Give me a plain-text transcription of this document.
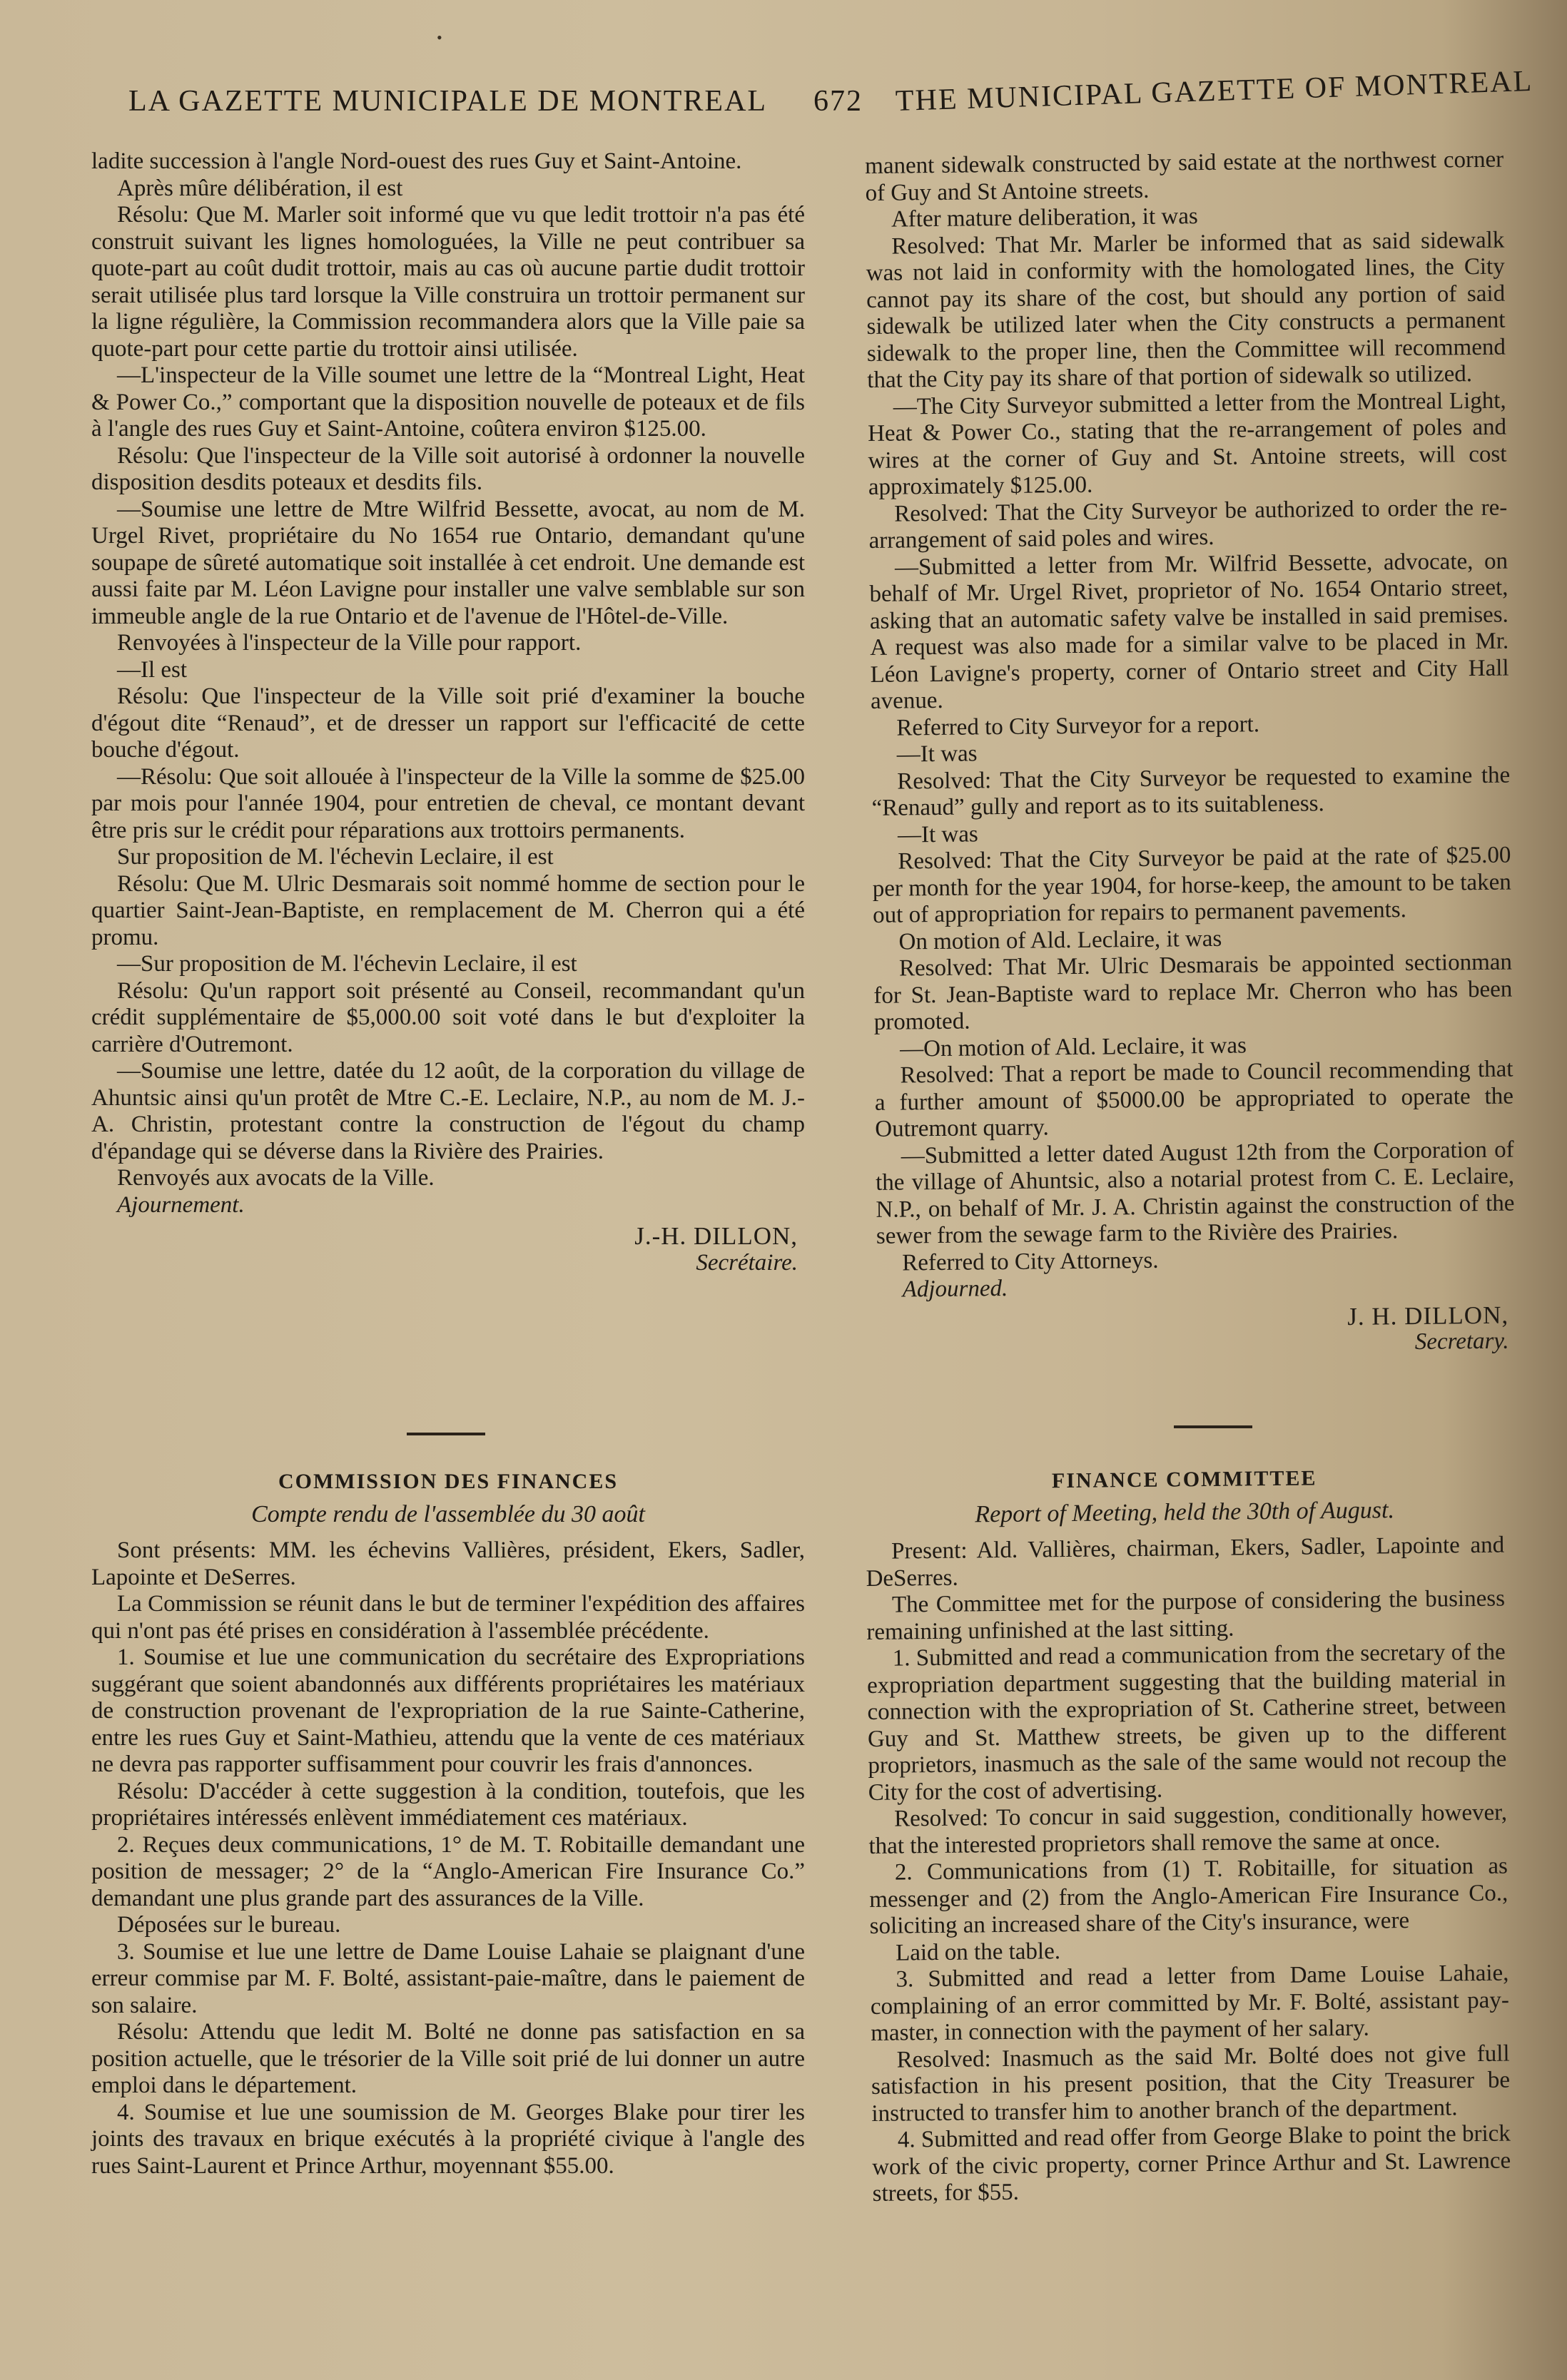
•
LA GAZETTE MUNICIPALE DE MONTREAL 672 THE MUNICIPAL GAZETTE OF MONTREAL

ladite succession à l'angle Nord-ouest des rues Guy et Saint-Antoine.

Après mûre délibération, il est

Résolu: Que M. Marler soit informé que vu que ledit trottoir n'a pas été construit suivant les lignes homologuées, la Ville ne peut contribuer sa quote-part au coût dudit trottoir, mais au cas où aucune partie dudit trottoir serait utilisée plus tard lorsque la Ville construira un trottoir permanent sur la ligne régulière, la Commission recommandera alors que la Ville paie sa quote-part pour cette partie du trottoir ainsi utilisée.

—L'inspecteur de la Ville soumet une lettre de la “Montreal Light, Heat & Power Co.,” comportant que la disposition nouvelle de poteaux et de fils à l'angle des rues Guy et Saint-Antoine, coûtera environ $125.00.

Résolu: Que l'inspecteur de la Ville soit autorisé à ordonner la nouvelle disposition desdits poteaux et desdits fils.

—Soumise une lettre de Mtre Wilfrid Bessette, avocat, au nom de M. Urgel Rivet, propriétaire du No 1654 rue Ontario, demandant qu'une soupape de sûreté automatique soit installée à cet endroit. Une demande est aussi faite par M. Léon Lavigne pour installer une valve semblable sur son immeuble angle de la rue Ontario et de l'avenue de l'Hôtel-de-Ville.

Renvoyées à l'inspecteur de la Ville pour rapport.

—Il est

Résolu: Que l'inspecteur de la Ville soit prié d'examiner la bouche d'égout dite “Renaud”, et de dresser un rapport sur l'efficacité de cette bouche d'égout.

—Résolu: Que soit allouée à l'inspecteur de la Ville la somme de $25.00 par mois pour l'année 1904, pour entretien de cheval, ce montant devant être pris sur le crédit pour réparations aux trottoirs permanents.

Sur proposition de M. l'échevin Leclaire, il est

Résolu: Que M. Ulric Desmarais soit nommé homme de section pour le quartier Saint-Jean-Baptiste, en remplacement de M. Cherron qui a été promu.

—Sur proposition de M. l'échevin Leclaire, il est

Résolu: Qu'un rapport soit présenté au Conseil, recommandant qu'un crédit supplémentaire de $5,000.00 soit voté dans le but d'exploiter la carrière d'Outremont.

—Soumise une lettre, datée du 12 août, de la corporation du village de Ahuntsic ainsi qu'un protêt de Mtre C.-E. Leclaire, N.P., au nom de M. J.-A. Christin, protestant contre la construction de l'égout du champ d'épandage qui se déverse dans la Rivière des Prairies.

Renvoyés aux avocats de la Ville.

Ajournement.

J.-H. DILLON,
Secrétaire.

manent sidewalk constructed by said estate at the northwest corner of Guy and St Antoine streets.

After mature deliberation, it was

Resolved: That Mr. Marler be informed that as said sidewalk was not laid in conformity with the homologated lines, the City cannot pay its share of the cost, but should any portion of said sidewalk be utilized later when the City constructs a permanent sidewalk to the proper line, then the Committee will recommend that the City pay its share of that portion of sidewalk so utilized.

—The City Surveyor submitted a letter from the Montreal Light, Heat & Power Co., stating that the re-arrangement of poles and wires at the corner of Guy and St. Antoine streets, will cost approximately $125.00.

Resolved: That the City Surveyor be authorized to order the re-arrangement of said poles and wires.

—Submitted a letter from Mr. Wilfrid Bessette, advocate, on behalf of Mr. Urgel Rivet, proprietor of No. 1654 Ontario street, asking that an automatic safety valve be installed in said premises. A request was also made for a similar valve to be placed in Mr. Léon Lavigne's property, corner of Ontario street and City Hall avenue.

Referred to City Surveyor for a report.

—It was

Resolved: That the City Surveyor be requested to examine the “Renaud” gully and report as to its suitableness.

—It was

Resolved: That the City Surveyor be paid at the rate of $25.00 per month for the year 1904, for horse-keep, the amount to be taken out of appropriation for repairs to permanent pavements.

On motion of Ald. Leclaire, it was

Resolved: That Mr. Ulric Desmarais be appointed sectionman for St. Jean-Baptiste ward to replace Mr. Cherron who has been promoted.

—On motion of Ald. Leclaire, it was

Resolved: That a report be made to Council recommending that a further amount of $5000.00 be appropriated to operate the Outremont quarry.

—Submitted a letter dated August 12th from the Corporation of the village of Ahuntsic, also a notarial protest from C. E. Leclaire, N.P., on behalf of Mr. J. A. Christin against the construction of the sewer from the sewage farm to the Rivière des Prairies.

Referred to City Attorneys.

Adjourned.

J. H. DILLON,
Secretary.
COMMISSION DES FINANCES
Compte rendu de l'assemblée du 30 août

Sont présents: MM. les échevins Vallières, président, Ekers, Sadler, Lapointe et DeSerres.

La Commission se réunit dans le but de terminer l'expédition des affaires qui n'ont pas été prises en considération à l'assemblée précédente.

1. Soumise et lue une communication du secrétaire des Expropriations suggérant que soient abandonnés aux différents propriétaires les matériaux de construction provenant de l'expropriation de la rue Sainte-Catherine, entre les rues Guy et Saint-Mathieu, attendu que la vente de ces matériaux ne devra pas rapporter suffisamment pour couvrir les frais d'annonces.

Résolu: D'accéder à cette suggestion à la condition, toutefois, que les propriétaires intéressés enlèvent immédiatement ces matériaux.

2. Reçues deux communications, 1° de M. T. Robitaille demandant une position de messager; 2° de la “Anglo-American Fire Insurance Co.” demandant une plus grande part des assurances de la Ville.

Déposées sur le bureau.

3. Soumise et lue une lettre de Dame Louise Lahaie se plaignant d'une erreur commise par M. F. Bolté, assistant-paie-maître, dans le paiement de son salaire.

Résolu: Attendu que ledit M. Bolté ne donne pas satisfaction en sa position actuelle, que le trésorier de la Ville soit prié de lui donner un autre emploi dans le département.

4. Soumise et lue une soumission de M. Georges Blake pour tirer les joints des travaux en brique exécutés à la propriété civique à l'angle des rues Saint-Laurent et Prince Arthur, moyennant $55.00.

FINANCE COMMITTEE
Report of Meeting, held the 30th of August.

Present: Ald. Vallières, chairman, Ekers, Sadler, Lapointe and DeSerres.

The Committee met for the purpose of considering the business remaining unfinished at the last sitting.

1. Submitted and read a communication from the secretary of the expropriation department suggesting that the building material in connection with the expropriation of St. Catherine street, between Guy and St. Matthew streets, be given up to the different proprietors, inasmuch as the sale of the same would not recoup the City for the cost of advertising.

Resolved: To concur in said suggestion, conditionally however, that the interested proprietors shall remove the same at once.

2. Communications from (1) T. Robitaille, for situation as messenger and (2) from the Anglo-American Fire Insurance Co., soliciting an increased share of the City's insurance, were

Laid on the table.

3. Submitted and read a letter from Dame Louise Lahaie, complaining of an error committed by Mr. F. Bolté, assistant pay-master, in connection with the payment of her salary.

Resolved: Inasmuch as the said Mr. Bolté does not give full satisfaction in his present position, that the City Treasurer be instructed to transfer him to another branch of the department.

4. Submitted and read offer from George Blake to point the brick work of the civic property, corner Prince Arthur and St. Lawrence streets, for $55.
